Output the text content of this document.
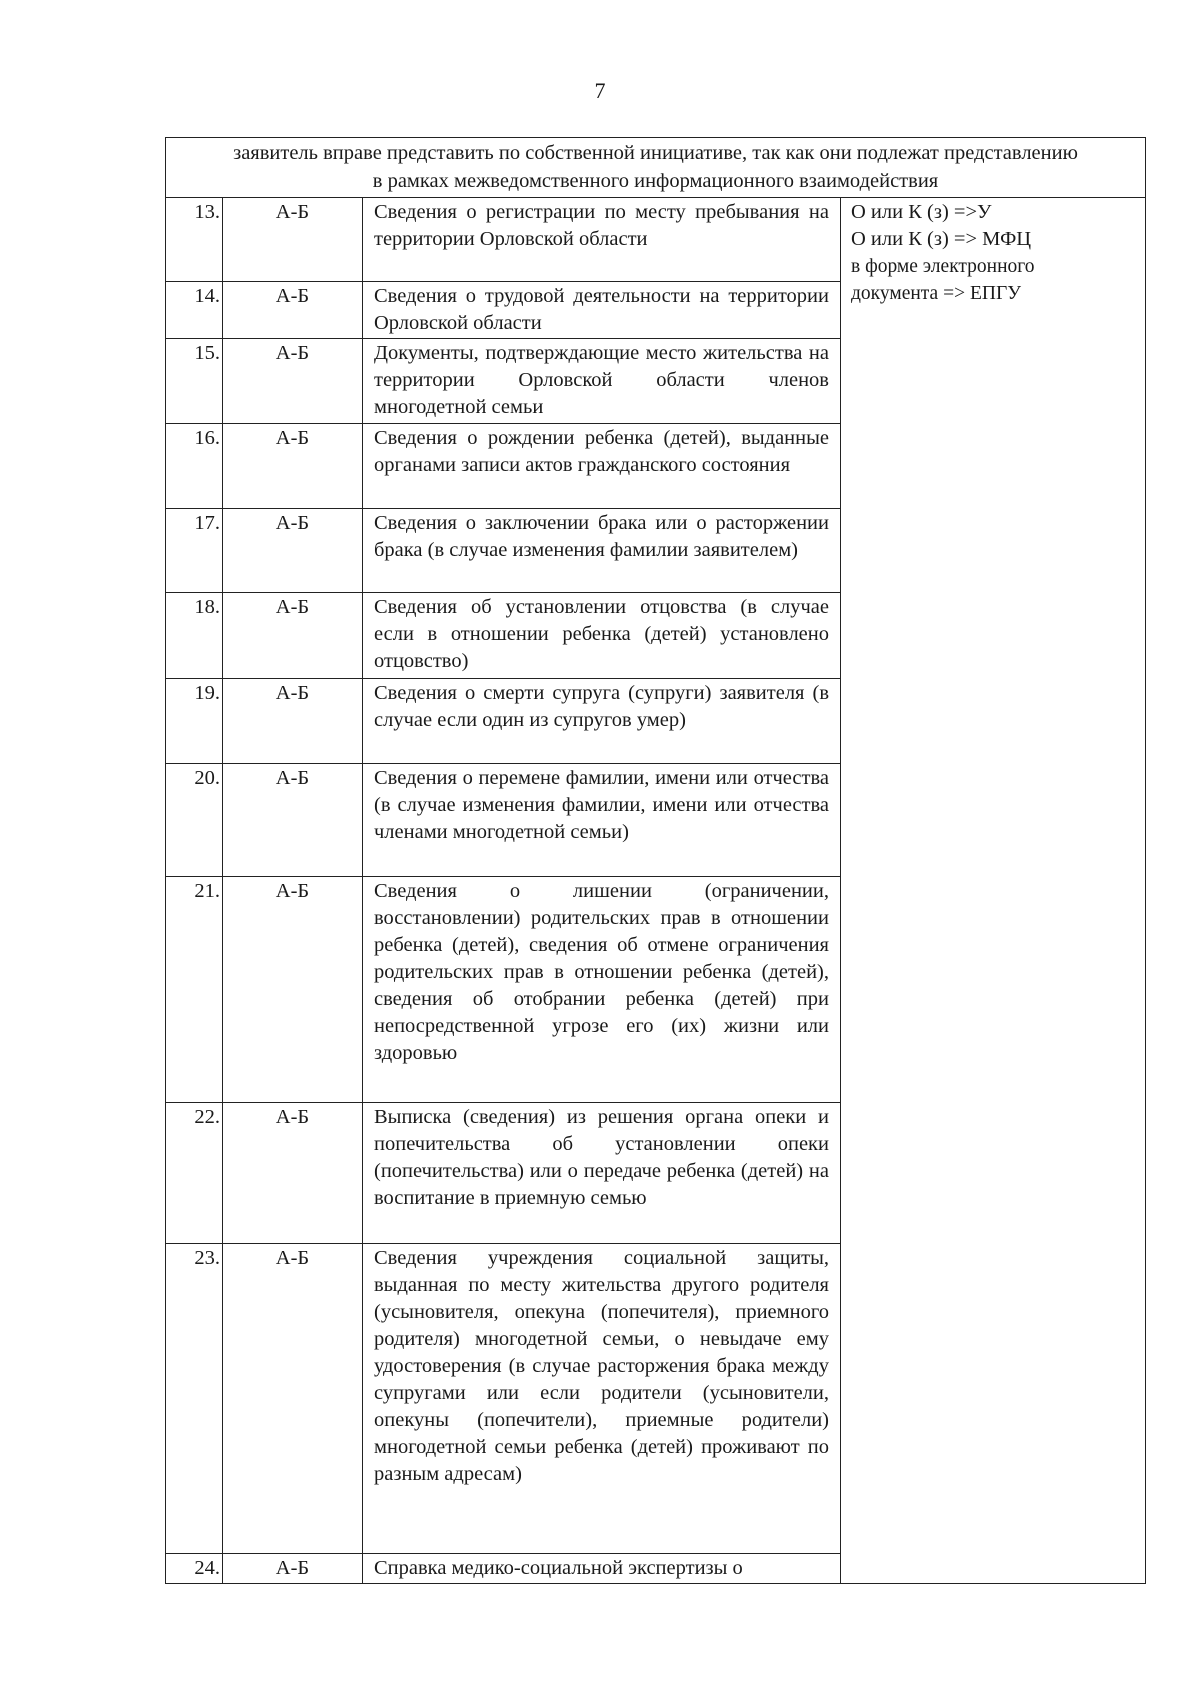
7
заявитель вправе представить по собственной инициативе, так как они подлежат представлению в рамках межведомственного информационного взаимодействия			
13.	А-Б	Сведения о регистрации по месту пребывания на территории Орловской области	О или К (з) =>У
О или К (з) => МФЦ
в форме электронного
документа => ЕПГУ

14.	А-Б	Сведения о трудовой деятельности на территории Орловской области	
15.	А-Б	Документы, подтверждающие место жительства на территории Орловской области членов многодетной семьи	
16.	А-Б	Сведения о рождении ребенка (детей), выданные органами записи актов гражданского состояния	
17.	А-Б	Сведения о заключении брака или о расторжении брака (в случае изменения фамилии заявителем)	
18.	А-Б	Сведения об установлении отцовства (в случае если в отношении ребенка (детей) установлено отцовство)	
19.	А-Б	Сведения о смерти супруга (супруги) заявителя (в случае если один из супругов умер)	
20.	А-Б	Сведения о перемене фамилии, имени или отчества (в случае изменения фамилии, имени или отчества членами многодетной семьи)	
21.	А-Б	Сведения о лишении (ограничении, восстановлении) родительских прав в отношении ребенка (детей), сведения об отмене ограничения родительских прав в отношении ребенка (детей), сведения об отобрании ребенка (детей) при непосредственной угрозе его (их) жизни или здоровью	
22.	А-Б	Выписка (сведения) из решения органа опеки и попечительства об установлении опеки (попечительства) или о передаче ребенка (детей) на воспитание в приемную семью	
23.	А-Б	Сведения учреждения социальной защиты, выданная по месту жительства другого родителя (усыновителя, опекуна (попечителя), приемного родителя) многодетной семьи, о невыдаче ему удостоверения (в случае расторжения брака между супругами или если родители (усыновители, опекуны (попечители), приемные родители) многодетной семьи ребенка (детей) проживают по разным адресам)	
24.	А-Б	Справка медико-социальной экспертизы о	
